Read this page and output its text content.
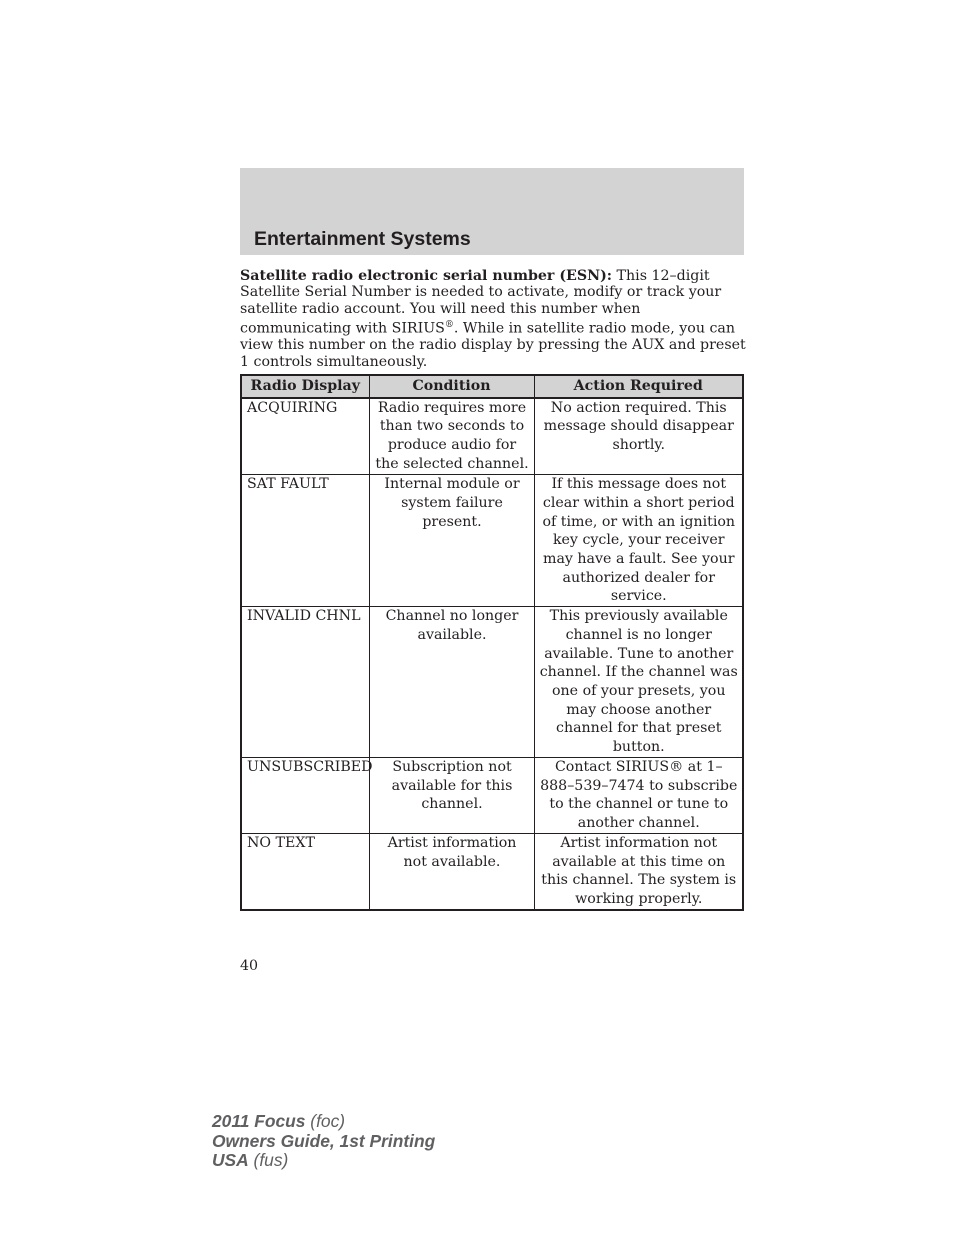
Entertainment Systems

Satellite radio electronic serial number (ESN): This 12–digit Satellite Serial Number is needed to activate, modify or track your satellite radio account. You will need this number when communicating with SIRIUS®. While in satellite radio mode, you can view this number on the radio display by pressing the AUX and preset 1 controls simultaneously.

Radio Display	Condition	Action Required
ACQUIRING	Radio requires more than two seconds to produce audio for the selected channel.	No action required. This message should disappear shortly.
SAT FAULT	Internal module or system failure present.	If this message does not clear within a short period of time, or with an ignition key cycle, your receiver may have a fault. See your authorized dealer for service.
INVALID CHNL	Channel no longer available.	This previously available channel is no longer available. Tune to another channel. If the channel was one of your presets, you may choose another channel for that preset button.
UNSUBSCRIBED	Subscription not available for this channel.	Contact SIRIUS® at 1–888–539–7474 to subscribe to the channel or tune to another channel.
NO TEXT	Artist information not available.	Artist information not available at this time on this channel. The system is working properly.
40
2011 Focus (foc)
Owners Guide, 1st Printing
USA (fus)
